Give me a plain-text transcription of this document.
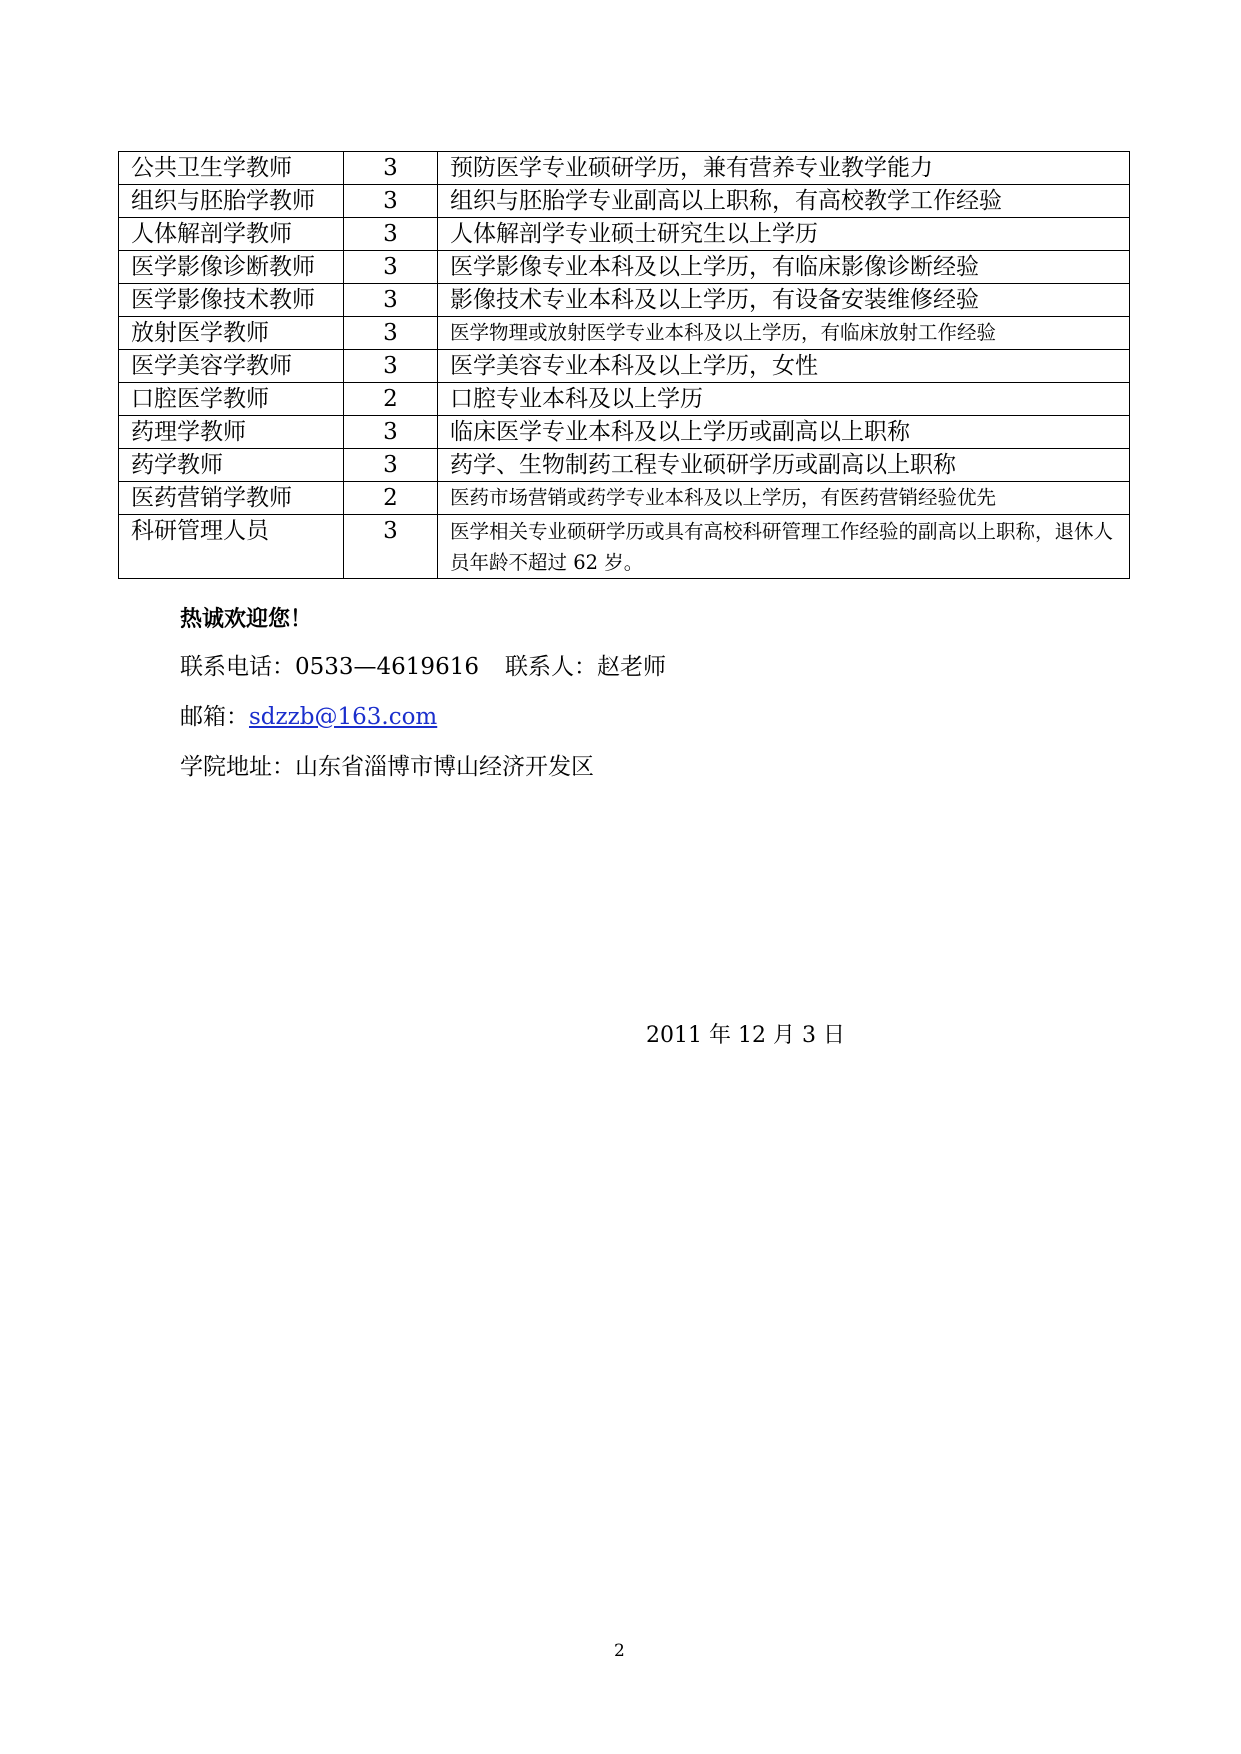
公共卫生学教师	3	预防医学专业硕研学历，兼有营养专业教学能力
组织与胚胎学教师	3	组织与胚胎学专业副高以上职称，有高校教学工作经验
人体解剖学教师	3	人体解剖学专业硕士研究生以上学历
医学影像诊断教师	3	医学影像专业本科及以上学历，有临床影像诊断经验
医学影像技术教师	3	影像技术专业本科及以上学历，有设备安装维修经验
放射医学教师	3	医学物理或放射医学专业本科及以上学历，有临床放射工作经验
医学美容学教师	3	医学美容专业本科及以上学历，女性
口腔医学教师	2	口腔专业本科及以上学历
药理学教师	3	临床医学专业本科及以上学历或副高以上职称
药学教师	3	药学、生物制药工程专业硕研学历或副高以上职称
医药营销学教师	2	医药市场营销或药学专业本科及以上学历，有医药营销经验优先
科研管理人员	3	医学相关专业硕研学历或具有高校科研管理工作经验的副高以上职称，退休人员年龄不超过 62 岁。
热诚欢迎您！
联系电话：0533—4619616 联系人：赵老师
邮箱：sdzzb@163.com
学院地址：山东省淄博市博山经济开发区
2011 年 12 月 3 日
2
